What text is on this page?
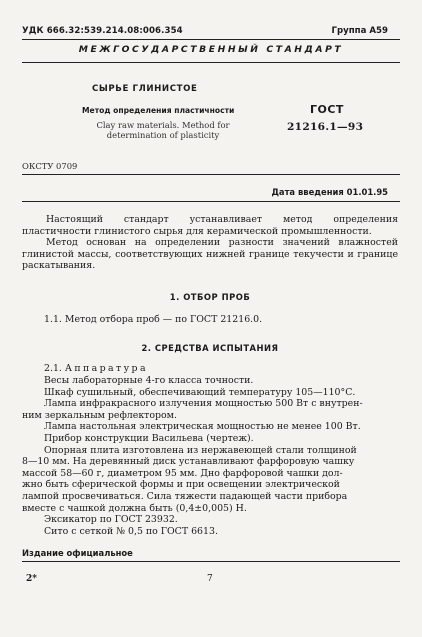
УДК 666.32:539.214.08:006.354	Группа А59
МЕЖГОСУДАРСТВЕННЫЙ СТАНДАРТ
СЫРЬЕ ГЛИНИСТОЕ
Метод определения пластичности
Clay raw materials. Method for
determination of plasticity
ГОСТ
21216.1—93
ОКСТУ 0709
Дата введения 01.01.95

Настоящий стандарт устанавливает метод определения пластичности глинистого сырья для керамической промышленности.

Метод основан на определении разности значений влажностей глинистой массы, соответствующих нижней границе текучести и границе раскатывания.

1. ОТБОР ПРОБ
1.1. Метод отбора проб — по ГОСТ 21216.0.
2. СРЕДСТВА ИСПЫТАНИЯ
2.1. Аппаратура
Весы лабораторные 4-го класса точности.
Шкаф сушильный, обеспечивающий температуру 105—110°С.
Лампа инфракрасного излучения мощностью 500 Вт с внутрен-
ним зеркальным рефлектором.
Лампа настольная электрическая мощностью не менее 100 Вт.
Прибор конструкции Васильева (чертеж).
Опорная плита изготовлена из нержавеющей стали толщиной
8—10 мм. На деревянный диск устанавливают фарфоровую чашку
массой 58—60 г, диаметром 95 мм. Дно фарфоровой чашки дол-
жно быть сферической формы и при освещении электрической
лампой просвечиваться. Сила тяжести падающей части прибора
вместе с чашкой должна быть (0,4±0,005) Н.
Эксикатор по ГОСТ 23932.
Сито с сеткой № 0,5 по ГОСТ 6613.
Издание официальное
2*	7
